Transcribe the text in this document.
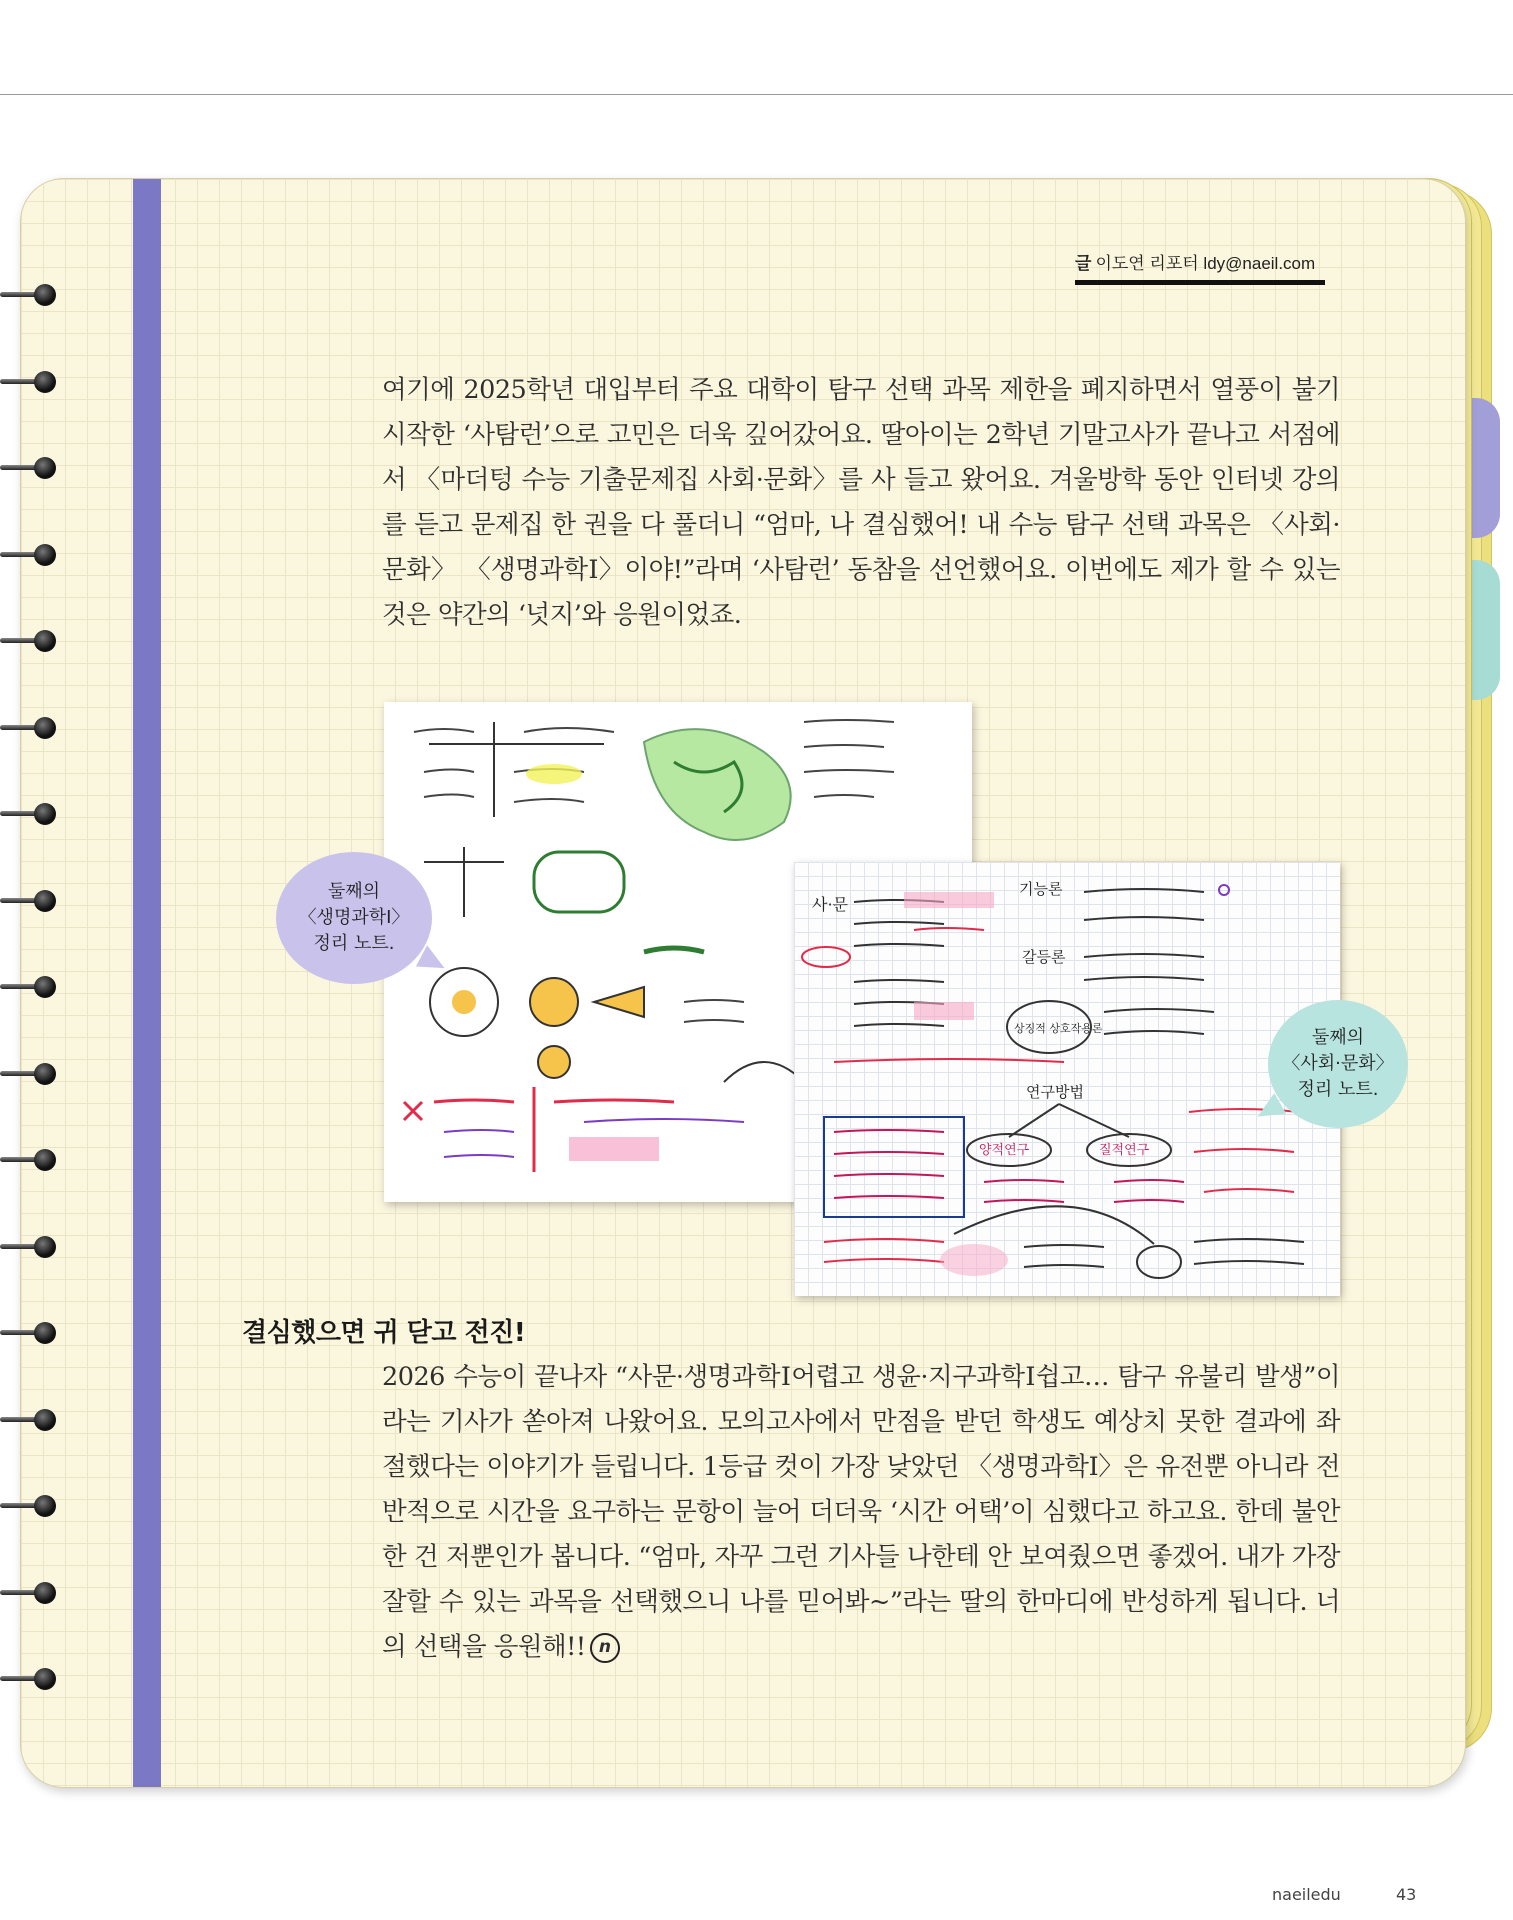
글 이도연 리포터 ldy@naeil.com

여기에 2025학년 대입부터 주요 대학이 탐구 선택 과목 제한을 폐지하면서 열풍이 불기 시작한 ‘사탐런’으로 고민은 더욱 깊어갔어요. 딸아이는 2학년 기말고사가 끝나고 서점에서 〈마더텅 수능 기출문제집 사회·문화〉를 사 들고 왔어요. 겨울방학 동안 인터넷 강의를 듣고 문제집 한 권을 다 풀더니 “엄마, 나 결심했어! 내 수능 탐구 선택 과목은 〈사회·문화〉 〈생명과학Ⅰ〉이야!”라며 ‘사탐런’ 동참을 선언했어요. 이번에도 제가 할 수 있는 것은 약간의 ‘넛지’와 응원이었죠.

사·문
기능론
갈등론
상징적 상호작용론
연구방법
양적연구	질적연구
둘째의
〈생명과학Ⅰ〉
정리 노트.
둘째의
〈사회·문화〉
정리 노트.
결심했으면 귀 닫고 전진!

2026 수능이 끝나자 “사문·생명과학Ⅰ어렵고 생윤·지구과학Ⅰ쉽고… 탐구 유불리 발생”이라는 기사가 쏟아져 나왔어요. 모의고사에서 만점을 받던 학생도 예상치 못한 결과에 좌절했다는 이야기가 들립니다. 1등급 컷이 가장 낮았던 〈생명과학Ⅰ〉은 유전뿐 아니라 전반적으로 시간을 요구하는 문항이 늘어 더더욱 ‘시간 어택’이 심했다고 하고요. 한데 불안한 건 저뿐인가 봅니다. “엄마, 자꾸 그런 기사들 나한테 안 보여줬으면 좋겠어. 내가 가장 잘할 수 있는 과목을 선택했으니 나를 믿어봐~”라는 딸의 한마디에 반성하게 됩니다. 너의 선택을 응원해!! n

naeiledu	43
